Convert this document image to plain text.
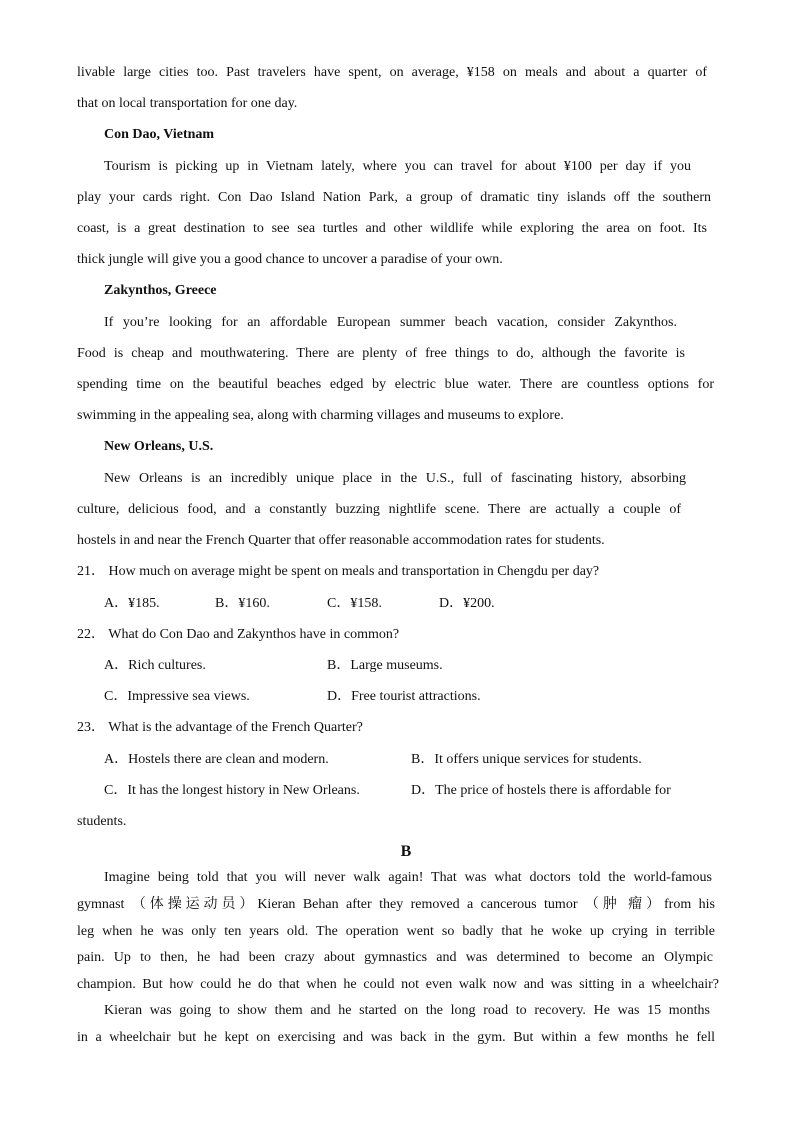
livable large cities too. Past travelers have spent, on average, ¥158 on meals and about a quarter of
that on local transportation for one day.
Con Dao, Vietnam
Tourism is picking up in Vietnam lately, where you can travel for about ¥100 per day if you
play your cards right. Con Dao Island Nation Park, a group of dramatic tiny islands off the southern
coast, is a great destination to see sea turtles and other wildlife while exploring the area on foot. Its
thick jungle will give you a good chance to uncover a paradise of your own.
Zakynthos, Greece
If you’re looking for an affordable European summer beach vacation, consider Zakynthos.
Food is cheap and mouthwatering. There are plenty of free things to do, although the favorite is
spending time on the beautiful beaches edged by electric blue water. There are countless options for
swimming in the appealing sea, along with charming villages and museums to explore.
New Orleans, U.S.
New Orleans is an incredibly unique place in the U.S., full of fascinating history, absorbing
culture, delicious food, and a constantly buzzing nightlife scene. There are actually a couple of
hostels in and near the French Quarter that offer reasonable accommodation rates for students.
21． How much on average might be spent on meals and transportation in Chengdu per day?
A．¥185.	B．¥160.	C．¥158.	D．¥200.
22． What do Con Dao and Zakynthos have in common?
A．Rich cultures.	B．Large museums.
C．Impressive sea views.	D．Free tourist attractions.
23． What is the advantage of the French Quarter?
A．Hostels there are clean and modern.	B．It offers unique services for students.
C．It has the longest history in New Orleans.	D．The price of hostels there is affordable for
students.
B
Imagine being told that you will never walk again! That was what doctors told the world-famous
gymnast （体操运动员）Kieran Behan after they removed a cancerous tumor （肿 瘤）from his
leg when he was only ten years old. The operation went so badly that he woke up crying in terrible
pain. Up to then, he had been crazy about gymnastics and was determined to become an Olympic
champion. But how could he do that when he could not even walk now and was sitting in a wheelchair?
Kieran was going to show them and he started on the long road to recovery. He was 15 months
in a wheelchair but he kept on exercising and was back in the gym. But within a few months he fell
